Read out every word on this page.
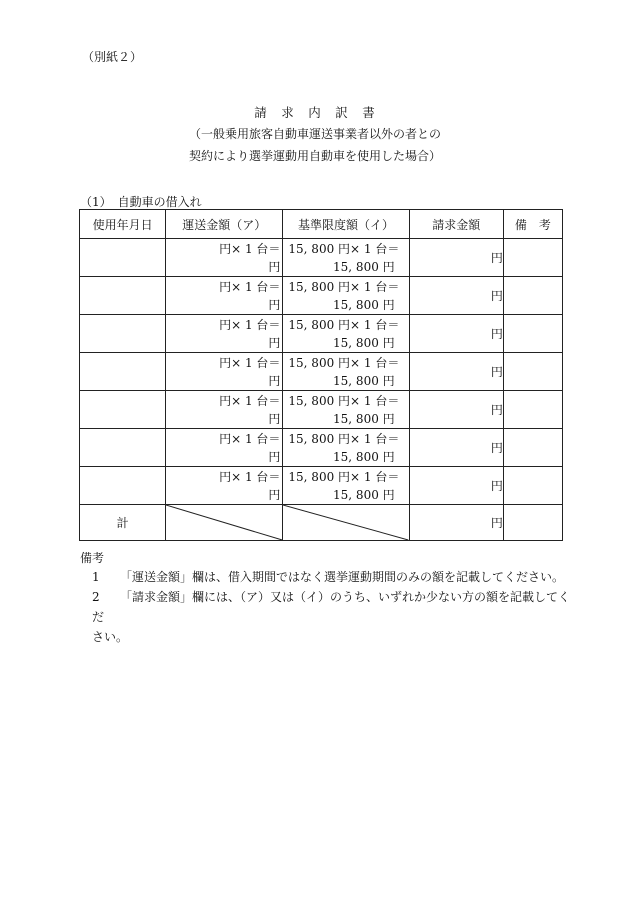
（別紙２）
請　求　内　訳　書
（一般乗用旅客自動車運送事業者以外の者との
契約により選挙運動用自動車を使用した場合）
（1）　自動車の借入れ
使用年月日	運送金額（ア）	基準限度額（イ）	請求金額	備　考

	円× 1 台＝
円	15, 800 円× 1 台＝
15, 800 円	円	

	円× 1 台＝
円	15, 800 円× 1 台＝
15, 800 円	円	

	円× 1 台＝
円	15, 800 円× 1 台＝
15, 800 円	円	

	円× 1 台＝
円	15, 800 円× 1 台＝
15, 800 円	円	

	円× 1 台＝
円	15, 800 円× 1 台＝
15, 800 円	円	

	円× 1 台＝
円	15, 800 円× 1 台＝
15, 800 円	円	

	円× 1 台＝
円	15, 800 円× 1 台＝
15, 800 円	円	
計			円	
備考
1 「運送金額」欄は、借入期間ではなく選挙運動期間のみの額を記載してください。
2 「請求金額」欄には、（ア）又は（イ）のうち、いずれか少ない方の額を記載してくだ
さい。
